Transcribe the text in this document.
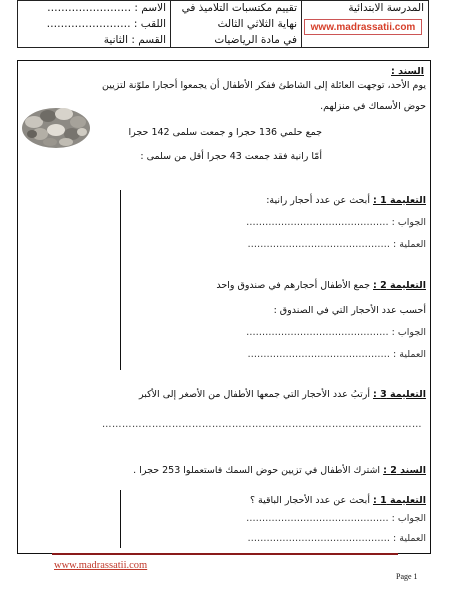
المدرسة الابتدائية
www.madrassatii.com
تقييم مكتسبات التلاميذ في
نهاية الثلاثي الثالث
في مادة الرياضيات
الاسم : ……………………
اللقب : ……………………
القسم : الثانية
السند :
يوم الأحد، توجهت العائلة إلى الشاطئ ففكر الأطفال أن يجمعوا أحجارا ملوّنة لتزيين
حوض الأسماك في منزلهم.
جمع حلمي 136 حجرا و جمعت سلمى 142 حجرا
أمّا رانية فقد جمعت 43 حجرا أقل من سلمى :
التعليمة 1 : أبحث عن عدد أحجار رانية:
الجواب : ………………………………………
العملية : ………………………………………
التعليمة 2 : جمع الأطفال أحجارهم في صندوق واحد
أحسب عدد الأحجار التي في الصندوق :
الجواب : ………………………………………
العملية : ………………………………………
التعليمة 3 : أرتبُ عدد الأحجار التي جمعها الأطفال من الأصغر إلى الأكبر
……………………………………………………………………………………
السند 2 : اشترك الأطفال في تزيين حوض السمك فاستعملوا 253 حجرا .
التعليمة 1 : أبحث عن عدد الأحجار الباقية ؟
الجواب : ………………………………………
العملية : ………………………………………
www.madrassatii.com
Page 1
